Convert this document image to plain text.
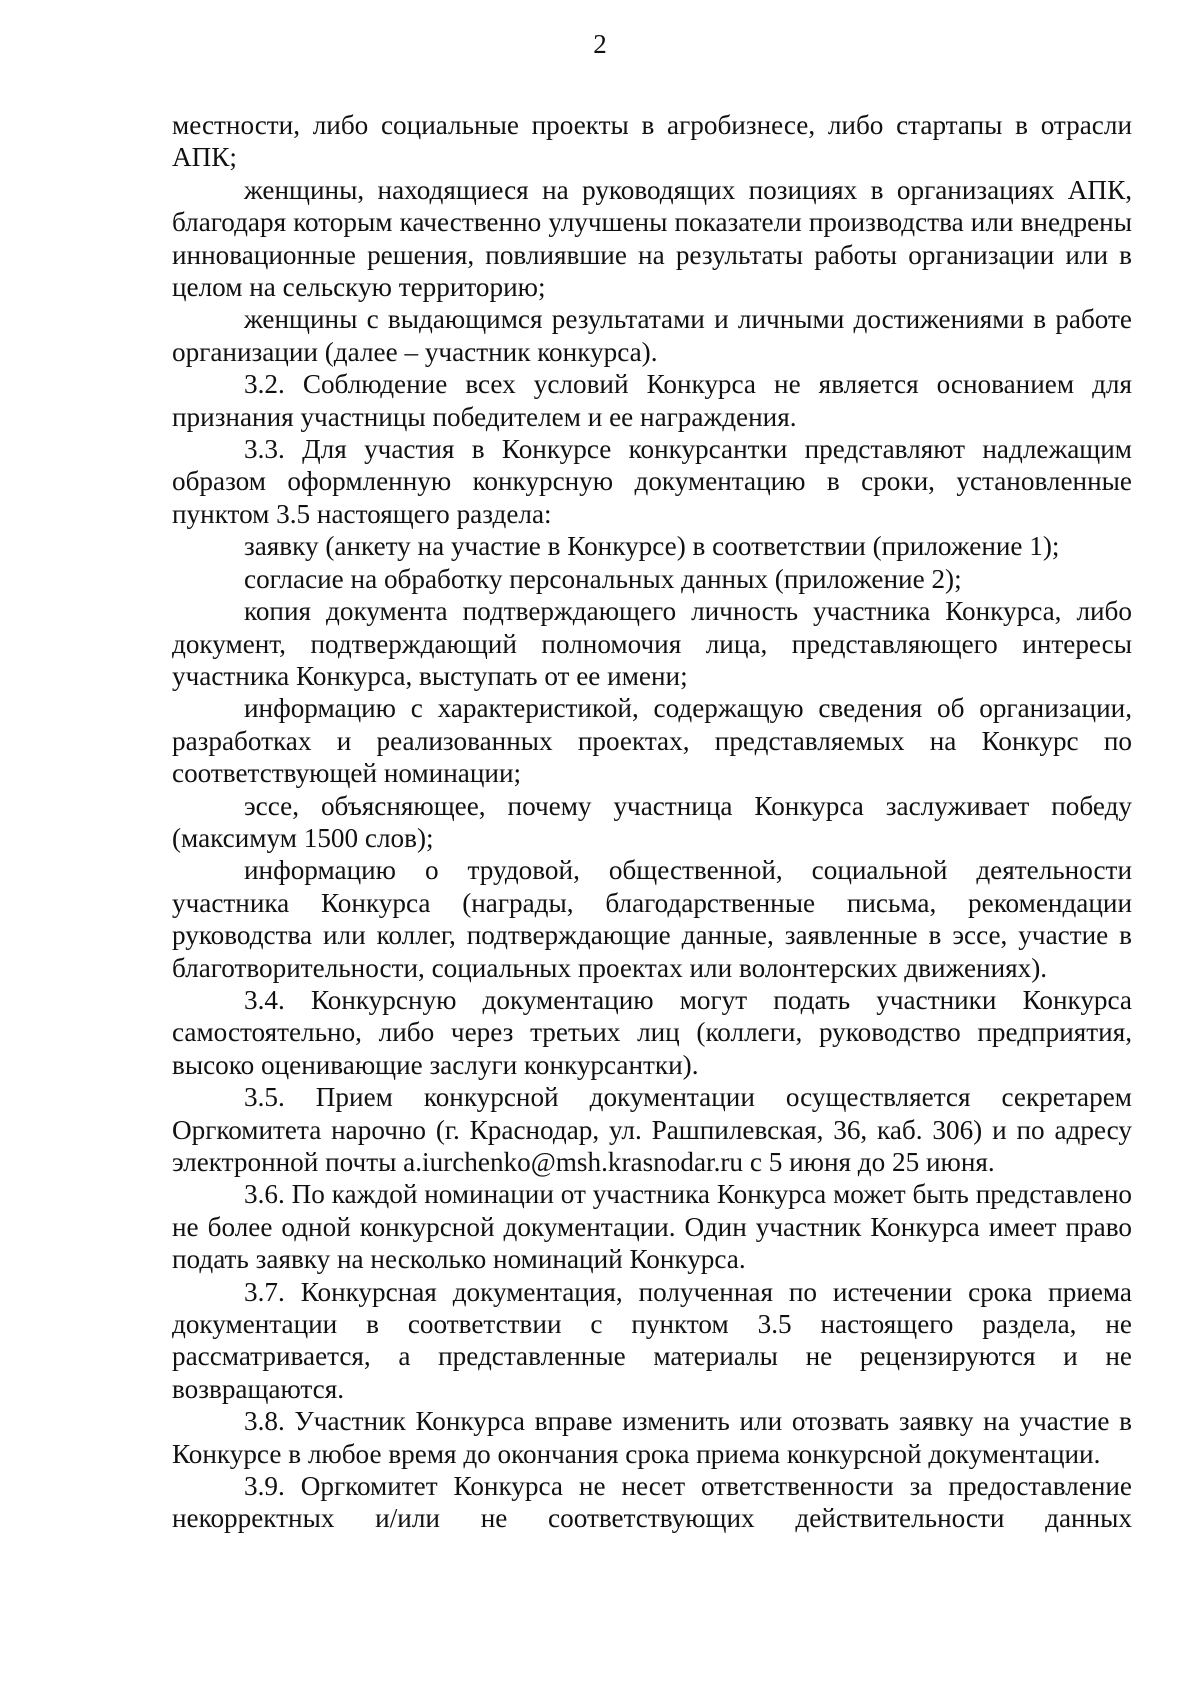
2

местности, либо социальные проекты в агробизнесе, либо стартапы в отрасли АПК;

женщины, находящиеся на руководящих позициях в организациях АПК, благодаря которым качественно улучшены показатели производства или внедрены инновационные решения, повлиявшие на результаты работы организации или в целом на сельскую территорию;

женщины с выдающимся результатами и личными достижениями в работе организации (далее – участник конкурса).

3.2. Соблюдение всех условий Конкурса не является основанием для признания участницы победителем и ее награждения.

3.3. Для участия в Конкурсе конкурсантки представляют надлежащим образом оформленную конкурсную документацию в сроки, установленные пунктом 3.5 настоящего раздела:

заявку (анкету на участие в Конкурсе) в соответствии (приложение 1);

согласие на обработку персональных данных (приложение 2);

копия документа подтверждающего личность участника Конкурса, либо документ, подтверждающий полномочия лица, представляющего интересы участника Конкурса, выступать от ее имени;

информацию с характеристикой, содержащую сведения об организации, разработках и реализованных проектах, представляемых на Конкурс по соответствующей номинации;

эссе, объясняющее, почему участница Конкурса заслуживает победу (максимум 1500 слов);

информацию о трудовой, общественной, социальной деятельности участника Конкурса (награды, благодарственные письма, рекомендации руководства или коллег, подтверждающие данные, заявленные в эссе, участие в благотворительности, социальных проектах или волонтерских движениях).

3.4. Конкурсную документацию могут подать участники Конкурса самостоятельно, либо через третьих лиц (коллеги, руководство предприятия, высоко оценивающие заслуги конкурсантки).

3.5. Прием конкурсной документации осуществляется секретарем Оргкомитета нарочно (г. Краснодар, ул. Рашпилевская, 36, каб. 306) и по адресу электронной почты a.iurchenko@msh.krasnodar.ru с 5 июня до 25 июня.

3.6. По каждой номинации от участника Конкурса может быть представлено не более одной конкурсной документации. Один участник Конкурса имеет право подать заявку на несколько номинаций Конкурса.

3.7. Конкурсная документация, полученная по истечении срока приема документации в соответствии с пунктом 3.5 настоящего раздела, не рассматривается, а представленные материалы не рецензируются и не возвращаются.

3.8. Участник Конкурса вправе изменить или отозвать заявку на участие в Конкурсе в любое время до окончания срока приема конкурсной документации.

3.9. Оргкомитет Конкурса не несет ответственности за предоставление некорректных и/или не соответствующих действительности данных
